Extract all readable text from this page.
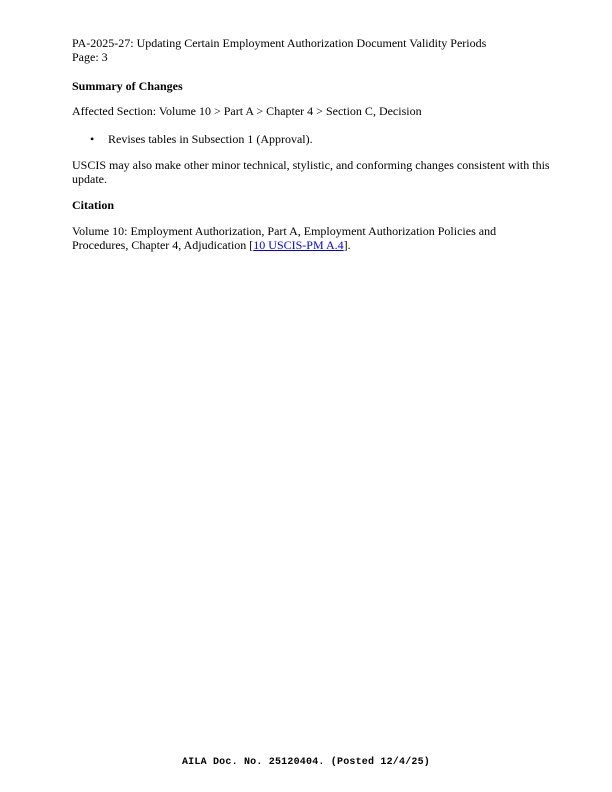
PA-2025-27: Updating Certain Employment Authorization Document Validity Periods
Page: 3
Summary of Changes
Affected Section: Volume 10 > Part A > Chapter 4 > Section C, Decision
• Revises tables in Subsection 1 (Approval).
USCIS may also make other minor technical, stylistic, and conforming changes consistent with this update.
Citation
Volume 10: Employment Authorization, Part A, Employment Authorization Policies and Procedures, Chapter 4, Adjudication [10 USCIS-PM A.4].
AILA Doc. No. 25120404. (Posted 12/4/25)
